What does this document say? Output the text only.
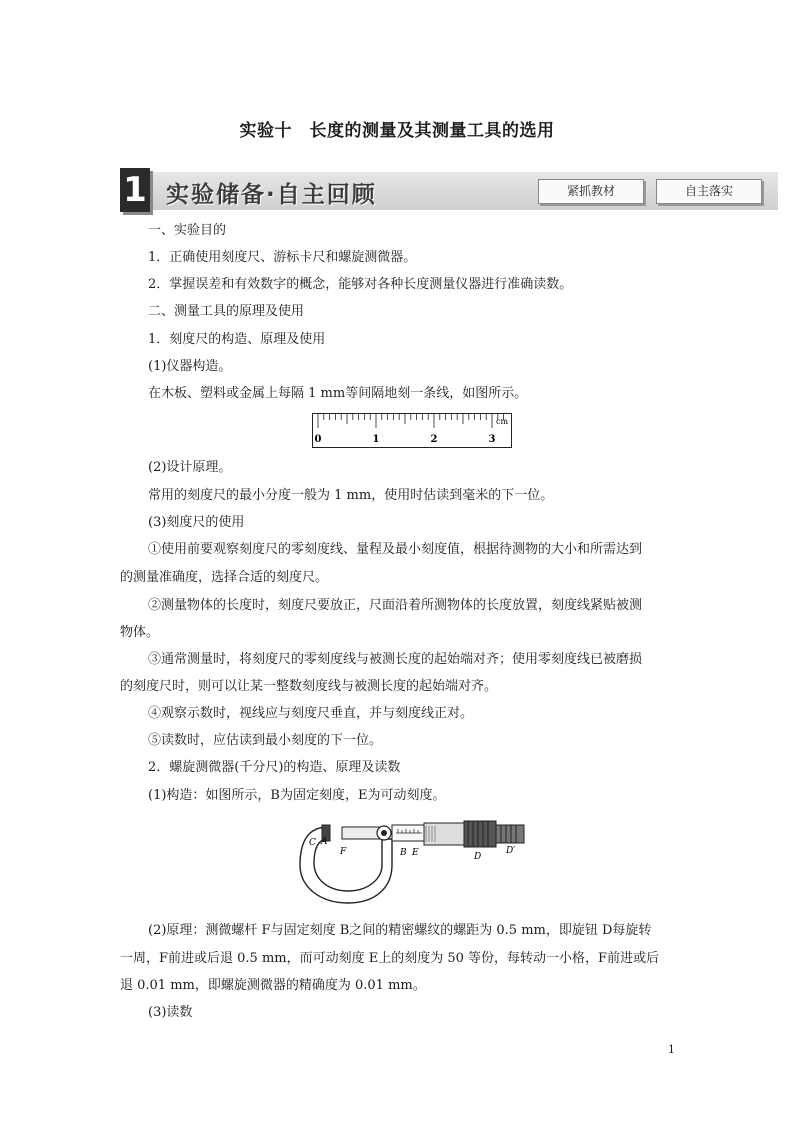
实验十　长度的测量及其测量工具的选用
1 实验储备·自主回顾	紧抓教材	自主落实
一、实验目的
1．正确使用刻度尺、游标卡尺和螺旋测微器。
2．掌握误差和有效数字的概念，能够对各种长度测量仪器进行准确读数。
二、测量工具的原理及使用
1．刻度尺的构造、原理及使用
(1)仪器构造。
在木板、塑料或金属上每隔 1 mm等间隔地刻一条线，如图所示。
cm
0	1	2	3
(2)设计原理。
常用的刻度尺的最小分度一般为 1 mm，使用时估读到毫米的下一位。
(3)刻度尺的使用
①使用前要观察刻度尺的零刻度线、量程及最小刻度值，根据待测物的大小和所需达到
的测量准确度，选择合适的刻度尺。
②测量物体的长度时，刻度尺要放正，尺面沿着所测物体的长度放置，刻度线紧贴被测
物体。
③通常测量时，将刻度尺的零刻度线与被测长度的起始端对齐；使用零刻度线已被磨损
的刻度尺时，则可以让某一整数刻度线与被测长度的起始端对齐。
④观察示数时，视线应与刻度尺垂直，并与刻度线正对。
⑤读数时，应估读到最小刻度的下一位。
2．螺旋测微器(千分尺)的构造、原理及读数
(1)构造：如图所示，B为固定刻度，E为可动刻度。
C A
F	B E	D
D′
(2)原理：测微螺杆 F与固定刻度 B之间的精密螺纹的螺距为 0.5 mm，即旋钮 D每旋转
一周，F前进或后退 0.5 mm，而可动刻度 E上的刻度为 50 等份，每转动一小格，F前进或后
退 0.01 mm，即螺旋测微器的精确度为 0.01 mm。
(3)读数
1
